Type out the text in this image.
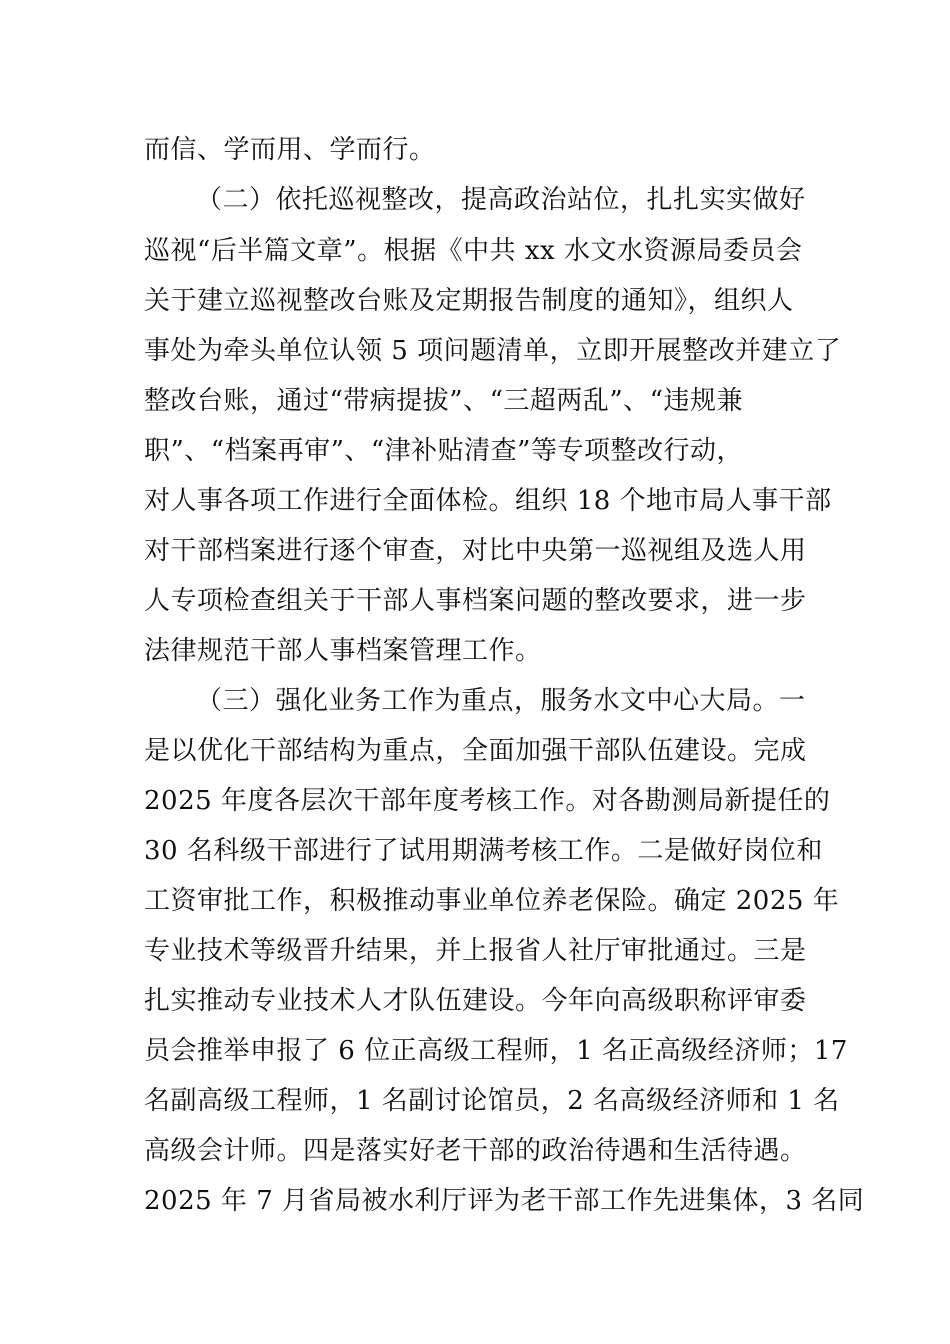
而信、学而用、学而行。
（二）依托巡视整改，提高政治站位，扎扎实实做好
巡视“后半篇文章”。根据《中共 xx 水文水资源局委员会
关于建立巡视整改台账及定期报告制度的通知》，组织人
事处为牵头单位认领 5 项问题清单，立即开展整改并建立了
整改台账，通过“带病提拔”、“三超两乱”、“违规兼
职”、“档案再审”、“津补贴清查”等专项整改行动，
对人事各项工作进行全面体检。组织 18 个地市局人事干部
对干部档案进行逐个审查，对比中央第一巡视组及选人用
人专项检查组关于干部人事档案问题的整改要求，进一步
法律规范干部人事档案管理工作。
（三）强化业务工作为重点，服务水文中心大局。一
是以优化干部结构为重点，全面加强干部队伍建设。完成
2025 年度各层次干部年度考核工作。对各勘测局新提任的
30 名科级干部进行了试用期满考核工作。二是做好岗位和
工资审批工作，积极推动事业单位养老保险。确定 2025 年
专业技术等级晋升结果，并上报省人社厅审批通过。三是
扎实推动专业技术人才队伍建设。今年向高级职称评审委
员会推举申报了 6 位正高级工程师，1 名正高级经济师；17
名副高级工程师，1 名副讨论馆员，2 名高级经济师和 1 名
高级会计师。四是落实好老干部的政治待遇和生活待遇。
2025 年 7 月省局被水利厅评为老干部工作先进集体，3 名同
